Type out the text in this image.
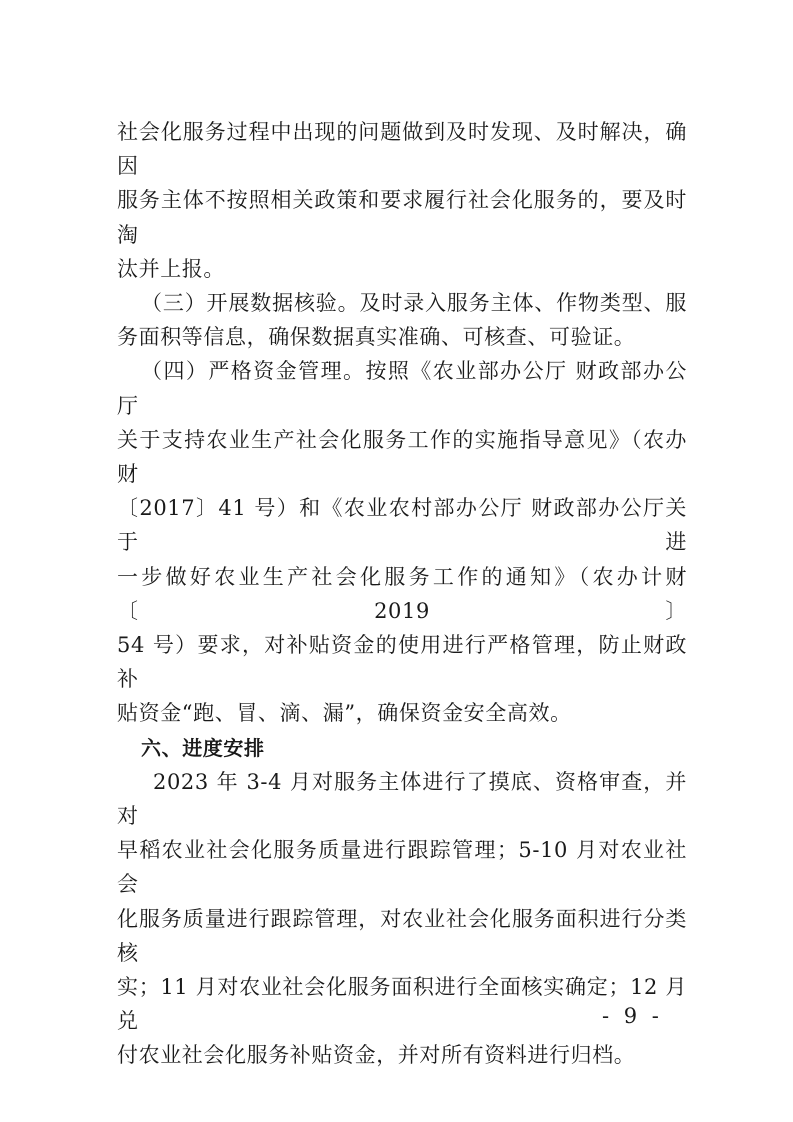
社会化服务过程中出现的问题做到及时发现、及时解决，确因
服务主体不按照相关政策和要求履行社会化服务的，要及时淘
汰并上报。

（三）开展数据核验。及时录入服务主体、作物类型、服
务面积等信息，确保数据真实准确、可核查、可验证。

（四）严格资金管理。按照《农业部办公厅 财政部办公厅
关于支持农业生产社会化服务工作的实施指导意见》（农办财
〔2017〕41 号）和《农业农村部办公厅 财政部办公厅关于进
一步做好农业生产社会化服务工作的通知》（农办计财〔2019〕
54 号）要求，对补贴资金的使用进行严格管理，防止财政补
贴资金“跑、冒、滴、漏”，确保资金安全高效。

六、进度安排

2023 年 3-4 月对服务主体进行了摸底、资格审查，并对
早稻农业社会化服务质量进行跟踪管理；5-10 月对农业社会
化服务质量进行跟踪管理，对农业社会化服务面积进行分类核
实；11 月对农业社会化服务面积进行全面核实确定；12 月兑
付农业社会化服务补贴资金，并对所有资料进行归档。

- 9 -
